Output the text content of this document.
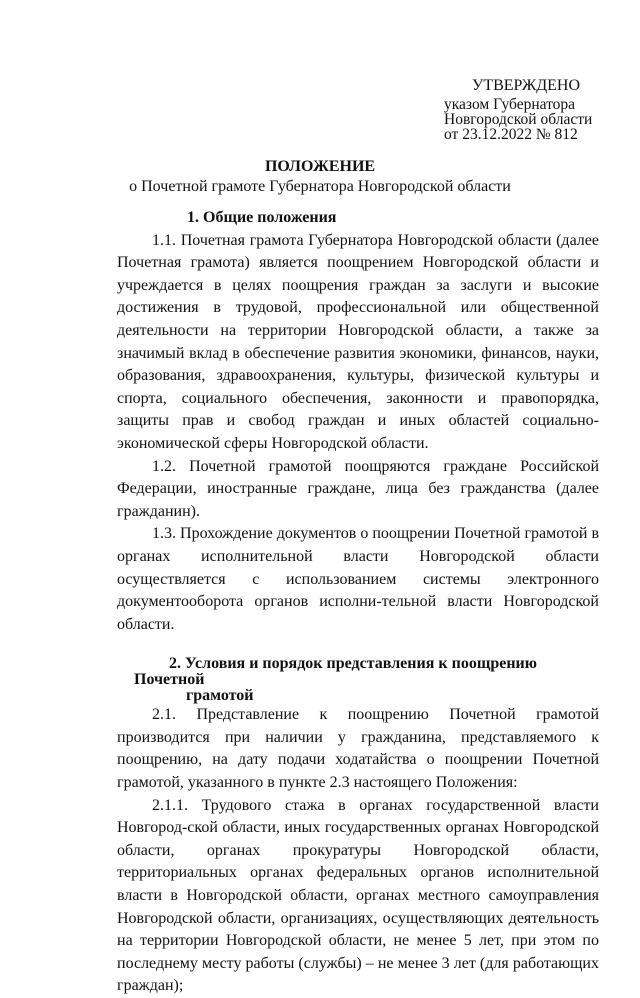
УТВЕРЖДЕНО
указом Губернатора
Новгородской области
от 23.12.2022 № 812
ПОЛОЖЕНИЕ
о Почетной грамоте Губернатора Новгородской области

1. Общие положения

1.1. Почетная грамота Губернатора Новгородской области (далее Почетная грамота) является поощрением Новгородской области и учреждается в целях поощрения граждан за заслуги и высокие достижения в трудовой, профессиональной или общественной деятельности на территории Новгородской области, а также за значимый вклад в обеспечение развития экономики, финансов, науки, образования, здравоохранения, культуры, физической культуры и спорта, социального обеспечения, законности и правопорядка, защиты прав и свобод граждан и иных областей социально-экономической сферы Новгородской области.

1.2. Почетной грамотой поощряются граждане Российской Федерации, иностранные граждане, лица без гражданства (далее гражданин).

1.3. Прохождение документов о поощрении Почетной грамотой в органах исполнительной власти Новгородской области осуществляется с использованием системы электронного документооборота органов исполни-тельной власти Новгородской области.

2. Условия и порядок представления к поощрению Почетной
грамотой

2.1. Представление к поощрению Почетной грамотой производится при наличии у гражданина, представляемого к поощрению, на дату подачи ходатайства о поощрении Почетной грамотой, указанного в пункте 2.3 настоящего Положения:

2.1.1. Трудового стажа в органах государственной власти Новгород-ской области, иных государственных органах Новгородской области, органах прокуратуры Новгородской области, территориальных органах федеральных органов исполнительной власти в Новгородской области, органах местного самоуправления Новгородской области, организациях, осуществляющих деятельность на территории Новгородской области, не менее 5 лет, при этом по последнему месту работы (службы) – не менее 3 лет (для работающих граждан);
